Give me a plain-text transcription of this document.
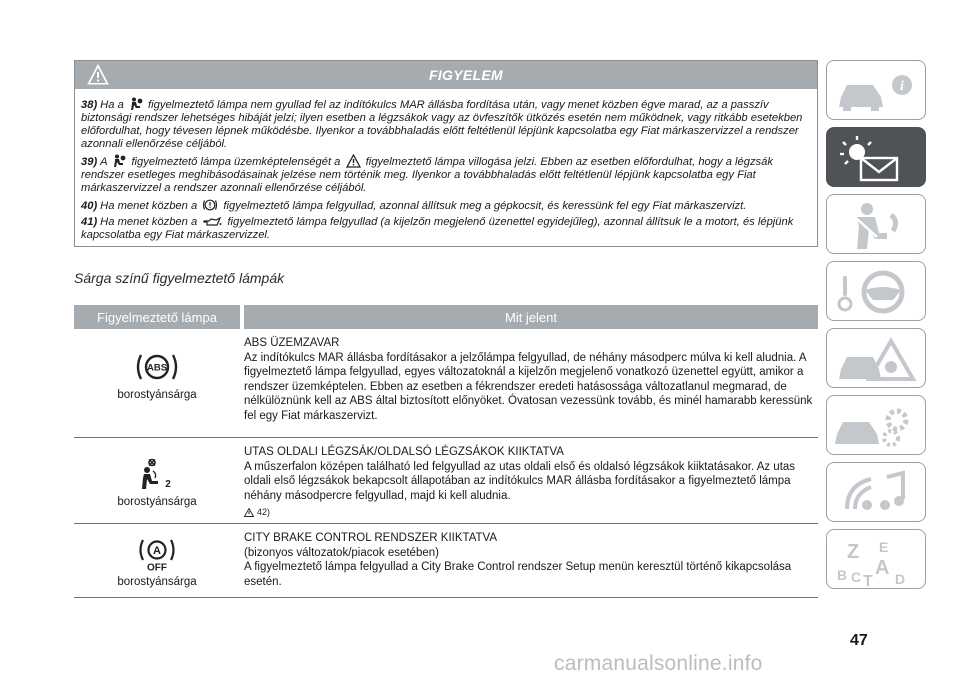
FIGYELEM

38) Ha a figyelmeztető lámpa nem gyullad fel az indítókulcs MAR állásba fordítása után, vagy menet közben égve marad, az a passzív biztonsági rendszer lehetséges hibáját jelzi; ilyen esetben a légzsákok vagy az övfeszítők ütközés esetén nem működnek, vagy ritkább esetekben előfordulhat, hogy tévesen lépnek működésbe. Ilyenkor a továbbhaladás előtt feltétlenül lépjünk kapcsolatba egy Fiat márkaszervizzel a rendszer azonnali ellenőrzése céljából.

39) A figyelmeztető lámpa üzemképtelenségét a figyelmeztető lámpa villogása jelzi. Ebben az esetben előfordulhat, hogy a légzsák rendszer esetleges meghibásodásainak jelzése nem történik meg. Ilyenkor a továbbhaladás előtt feltétlenül lépjünk kapcsolatba egy Fiat márkaszervizzel a rendszer azonnali ellenőrzése céljából.

40) Ha menet közben a figyelmeztető lámpa felgyullad, azonnal állítsuk meg a gépkocsit, és keressünk fel egy Fiat márkaszervizt.

41) Ha menet közben a	figyelmeztető lámpa felgyullad (a kijelzőn megjelenő üzenettel egyidejűleg), azonnal állítsuk le a motort, és lépjünk kapcsolatba egy Fiat márkaszervizzel.

Sárga színű figyelmeztető lámpák
Figyelmeztető lámpa	Mit jelent
ABS
borostyánsárga
ABS ÜZEMZAVAR
Az indítókulcs MAR állásba fordításakor a jelzőlámpa felgyullad, de néhány másodperc múlva ki kell aludnia. A figyelmeztető lámpa felgyullad, egyes változatoknál a kijelzőn megjelenő vonatkozó üzenettel együtt, amikor a rendszer üzemképtelen. Ebben az esetben a fékrendszer eredeti hatásossága változatlanul megmarad, de nélkülöznünk kell az ABS által biztosított előnyöket. Óvatosan vezessünk tovább, és minél hamarabb keressünk fel egy Fiat márkaszervizt.
2
borostyánsárga
UTAS OLDALI LÉGZSÁK/OLDALSÓ LÉGZSÁKOK KIIKTATVA
A műszerfalon középen található led felgyullad az utas oldali első és oldalsó légzsákok kiiktatásakor. Az utas oldali első légzsákok bekapcsolt állapotában az indítókulcs MAR állásba fordításakor a figyelmeztető lámpa néhány másodpercre felgyullad, majd ki kell aludnia.
42)
A
OFF
borostyánsárga
CITY BRAKE CONTROL RENDSZER KIIKTATVA
(bizonyos változatok/piacok esetében)
A figyelmeztető lámpa felgyullad a City Brake Control rendszer Setup menün keresztül történő kikapcsolása esetén.
i
Z E
B A
C T D
47
carmanualsonline.info
